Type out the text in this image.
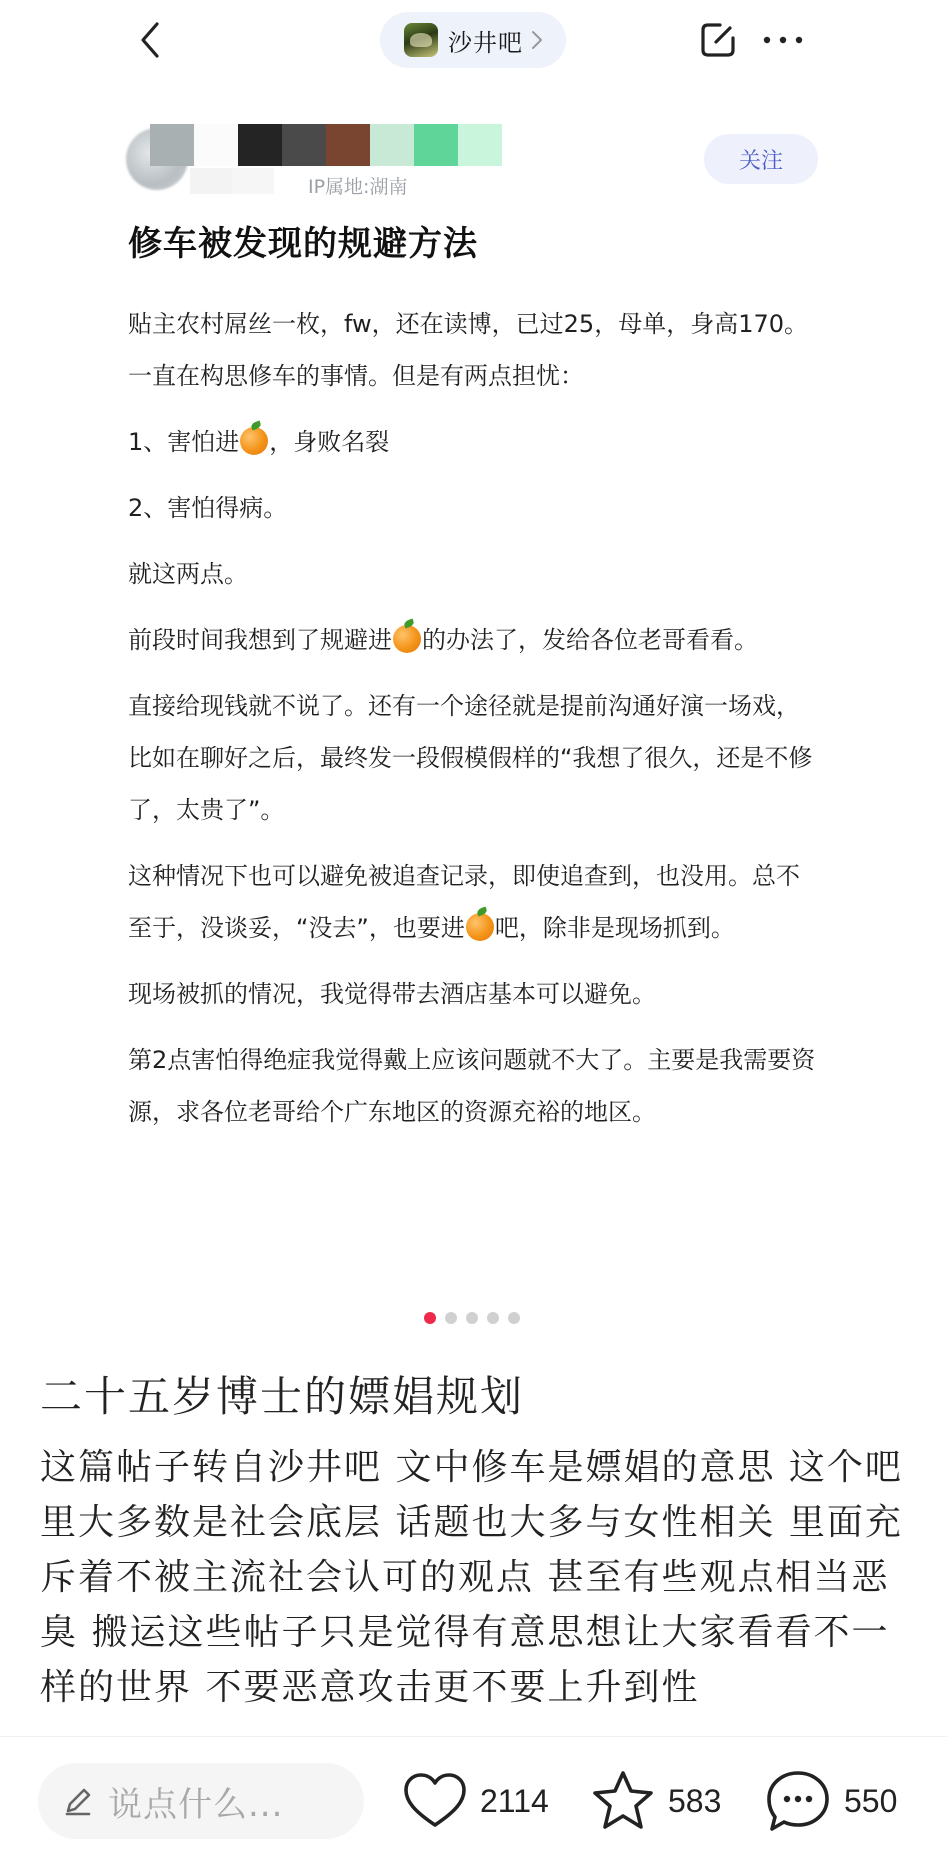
沙井吧
IP属地:湖南
关注
修车被发现的规避方法

贴主农村屌丝一枚，fw，还在读博，已过25，母单，身高170。一直在构思修车的事情。但是有两点担忧：

1、害怕进 ，身败名裂

2、害怕得病。

就这两点。

前段时间我想到了规避进 的办法了，发给各位老哥看看。

直接给现钱就不说了。还有一个途径就是提前沟通好演一场戏，比如在聊好之后，最终发一段假模假样的“我想了很久，还是不修了，太贵了”。

这种情况下也可以避免被追查记录，即使追查到，也没用。总不至于，没谈妥，“没去”，也要进 吧，除非是现场抓到。

现场被抓的情况，我觉得带去酒店基本可以避免。

第2点害怕得绝症我觉得戴上应该问题就不大了。主要是我需要资源，求各位老哥给个广东地区的资源充裕的地区。

二十五岁博士的嫖娼规划
这篇帖子转自沙井吧 文中修车是嫖娼的意思 这个吧里大多数是社会底层 话题也大多与女性相关 里面充斥着不被主流社会认可的观点 甚至有些观点相当恶臭 搬运这些帖子只是觉得有意思想让大家看看不一样的世界 不要恶意攻击更不要上升到性
说点什么...	2114	583	550
